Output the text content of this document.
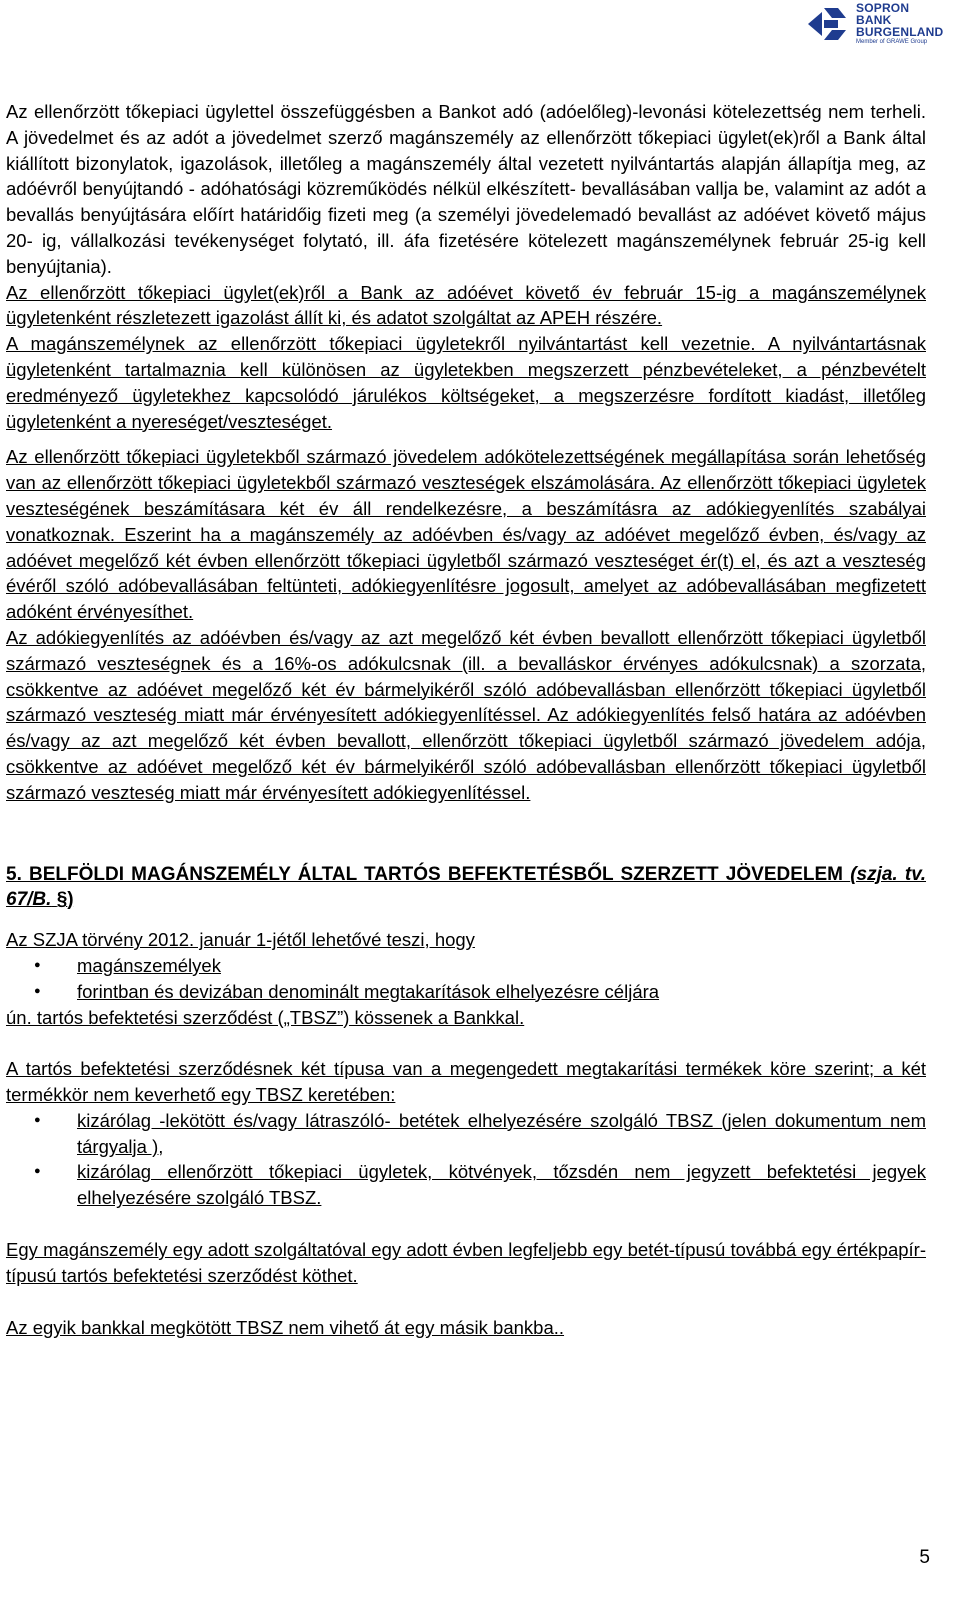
SOPRON
BANK
BURGENLAND
Member of GRAWE Group

Az ellenőrzött tőkepiaci ügylettel összefüggésben a Bankot adó (adóelőleg)-levonási kötelezettség nem terheli. A jövedelmet és az adót a jövedelmet szerző magánszemély az ellenőrzött tőkepiaci ügylet(ek)ről a Bank által kiállított bizonylatok, igazolások, illetőleg a magánszemély által vezetett nyilvántartás alapján állapítja meg, az adóévről benyújtandó - adóhatósági közreműködés nélkül elkészített- bevallásában vallja be, valamint az adót a bevallás benyújtására előírt határidőig fizeti meg (a személyi jövedelemadó bevallást az adóévet követő május 20- ig, vállalkozási tevékenységet folytató, ill. áfa fizetésére kötelezett magánszemélynek február 25-ig kell benyújtania).

Az ellenőrzött tőkepiaci ügylet(ek)ről a Bank az adóévet követő év február 15-ig a magánszemélynek ügyletenként részletezett igazolást állít ki, és adatot szolgáltat az APEH részére.

A magánszemélynek az ellenőrzött tőkepiaci ügyletekről nyilvántartást kell vezetnie. A nyilvántartásnak ügyletenként tartalmaznia kell különösen az ügyletekben megszerzett pénzbevételeket, a pénzbevételt eredményező ügyletekhez kapcsolódó járulékos költségeket, a megszerzésre fordított kiadást, illetőleg ügyletenként a nyereséget/veszteséget.

Az ellenőrzött tőkepiaci ügyletekből származó jövedelem adókötelezettségének megállapítása során lehetőség van az ellenőrzött tőkepiaci ügyletekből származó veszteségek elszámolására. Az ellenőrzött tőkepiaci ügyletek veszteségének beszámításara két év áll rendelkezésre, a beszámításra az adókiegyenlítés szabályai vonatkoznak. Eszerint ha a magánszemély az adóévben és/vagy az adóévet megelőző évben, és/vagy az adóévet megelőző két évben ellenőrzött tőkepiaci ügyletből származó veszteséget ér(t) el, és azt a veszteség évéről szóló adóbevallásában feltünteti, adókiegyenlítésre jogosult, amelyet az adóbevallásában megfizetett adóként érvényesíthet.

Az adókiegyenlítés az adóévben és/vagy az azt megelőző két évben bevallott ellenőrzött tőkepiaci ügyletből származó veszteségnek és a 16%-os adókulcsnak (ill. a bevalláskor érvényes adókulcsnak) a szorzata, csökkentve az adóévet megelőző két év bármelyikéről szóló adóbevallásban ellenőrzött tőkepiaci ügyletből származó veszteség miatt már érvényesített adókiegyenlítéssel. Az adókiegyenlítés felső határa az adóévben és/vagy az azt megelőző két évben bevallott, ellenőrzött tőkepiaci ügyletből származó jövedelem adója, csökkentve az adóévet megelőző két év bármelyikéről szóló adóbevallásban ellenőrzött tőkepiaci ügyletből származó veszteség miatt már érvényesített adókiegyenlítéssel.

5. BELFÖLDI MAGÁNSZEMÉLY ÁLTAL TARTÓS BEFEKTETÉSBŐL SZERZETT JÖVEDELEM (szja. tv. 67/B. §)

Az SZJA törvény 2012. január 1-jétől lehetővé teszi, hogy

● magánszemélyek
● forintban és devizában denominált megtakarítások elhelyezésre céljára

ún. tartós befektetési szerződést („TBSZ”) kössenek a Bankkal.

A tartós befektetési szerződésnek két típusa van a megengedett megtakarítási termékek köre szerint; a két termékkör nem keverhető egy TBSZ keretében:

● kizárólag -lekötött és/vagy látraszóló- betétek elhelyezésére szolgáló TBSZ (jelen dokumentum nem tárgyalja ),
● kizárólag ellenőrzött tőkepiaci ügyletek, kötvények, tőzsdén nem jegyzett befektetési jegyek elhelyezésére szolgáló TBSZ.

Egy magánszemély egy adott szolgáltatóval egy adott évben legfeljebb egy betét-típusú továbbá egy értékpapír-típusú tartós befektetési szerződést köthet.

Az egyik bankkal megkötött TBSZ nem vihető át egy másik bankba..

5
